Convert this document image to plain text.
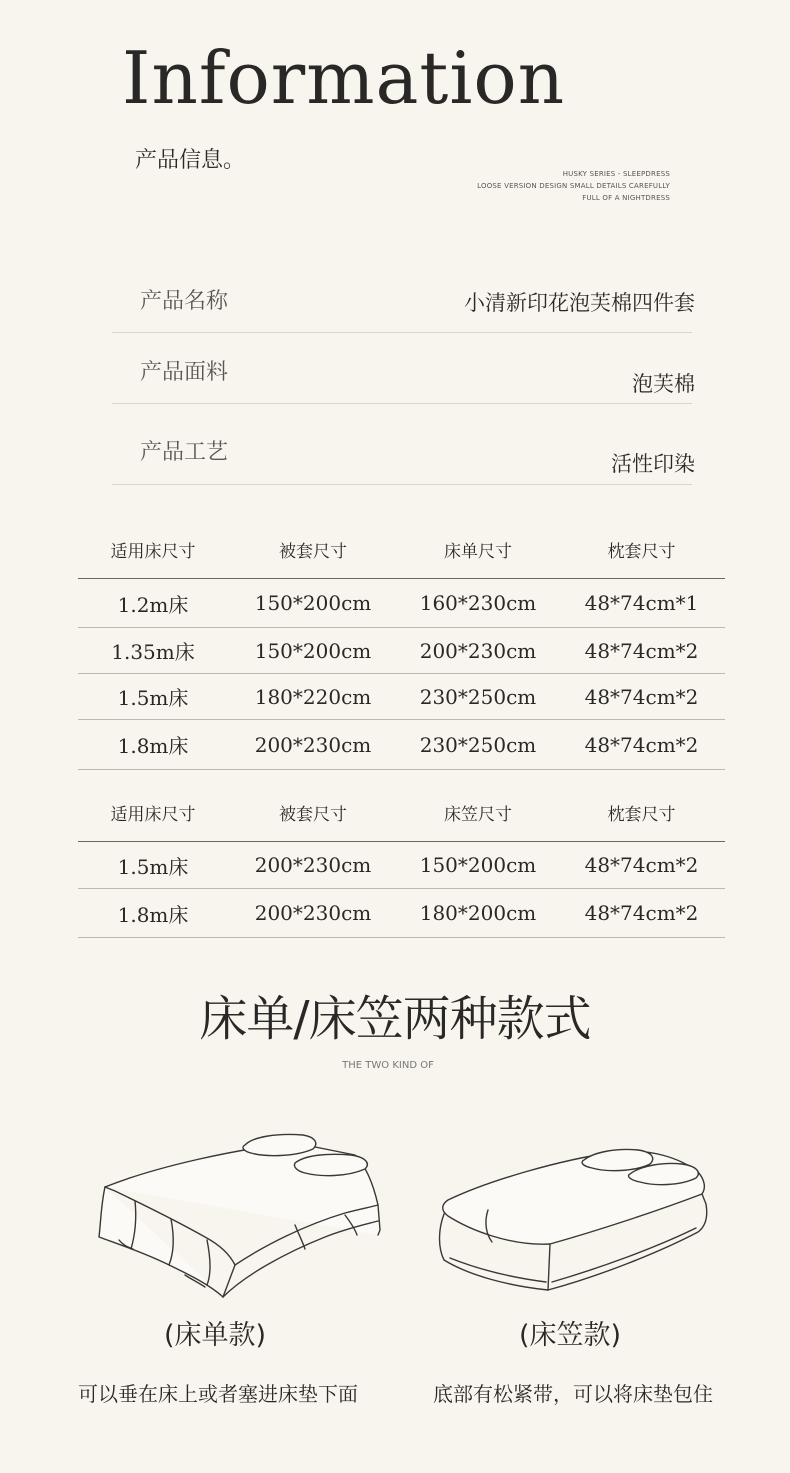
Information
产品信息。
HUSKY SERIES - SLEEPDRESS
LOOSE VERSION DESIGN SMALL DETAILS CAREFULLY
FULL OF A NIGHTDRESS
产品名称	小清新印花泡芙棉四件套
产品面料	泡芙棉
产品工艺	活性印染
适用床尺寸	被套尺寸	床单尺寸	枕套尺寸
1.2m床	150*200cm	160*230cm	48*74cm*1
1.35m床	150*200cm	200*230cm	48*74cm*2
1.5m床	180*220cm	230*250cm	48*74cm*2
1.8m床	200*230cm	230*250cm	48*74cm*2
适用床尺寸	被套尺寸	床笠尺寸	枕套尺寸
1.5m床	200*230cm	150*200cm	48*74cm*2
1.8m床	200*230cm	180*200cm	48*74cm*2
床单/床笠两种款式
THE TWO KIND OF
(床单款)	(床笠款)
可以垂在床上或者塞进床垫下面	底部有松紧带，可以将床垫包住
